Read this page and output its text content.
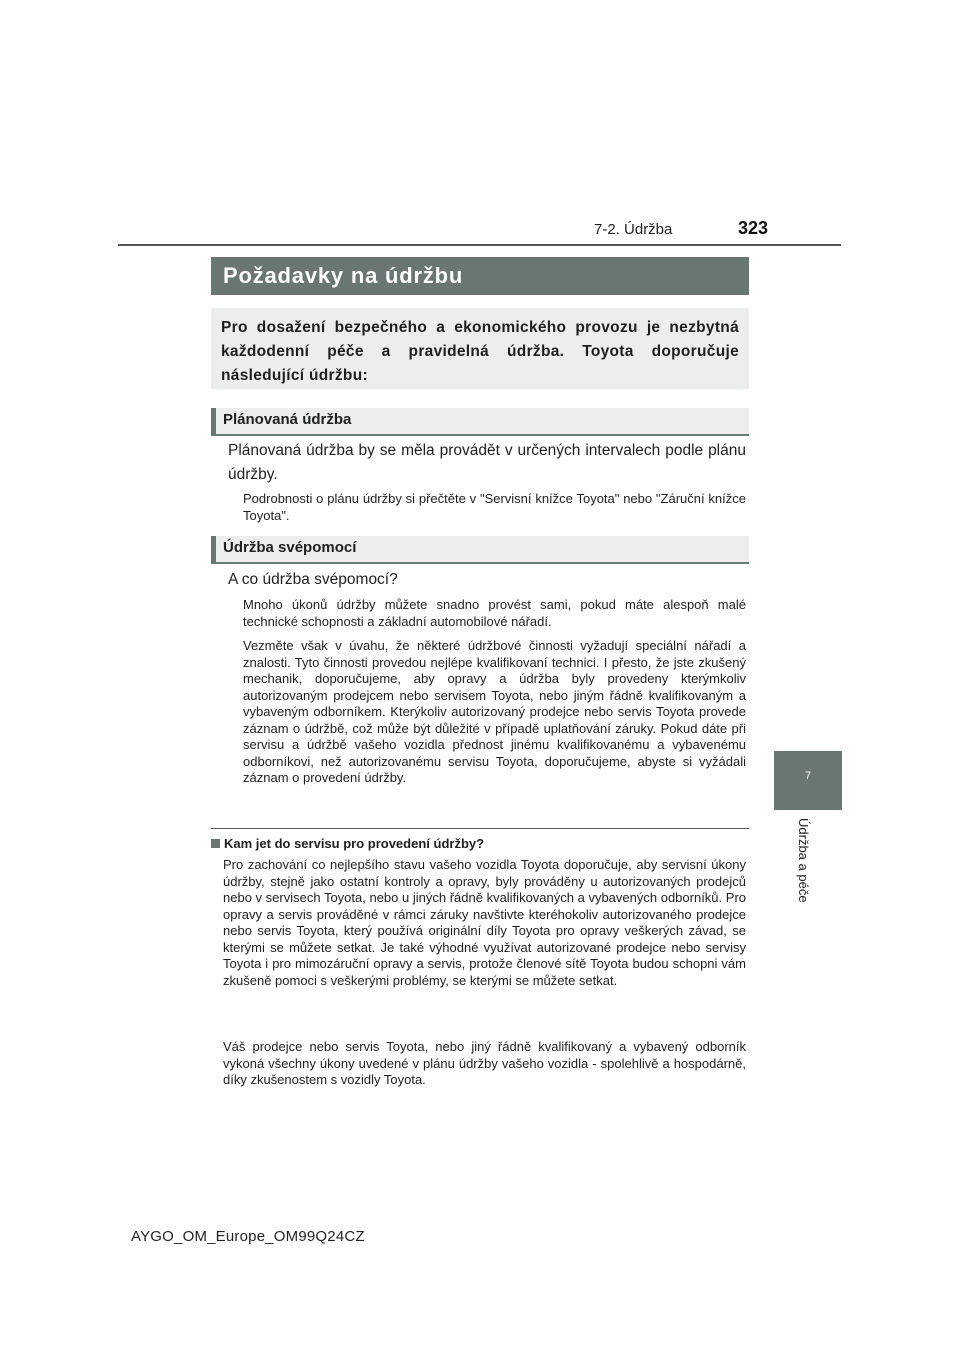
7-2. Údržba	323
7
Údržba a péče
Požadavky na údržbu
Pro dosažení bezpečného a ekonomického provozu je nezbytná každodenní péče a pravidelná údržba. Toyota doporučuje následující údržbu:
Plánovaná údržba
Plánovaná údržba by se měla provádět v určených intervalech podle plánu údržby.
Podrobnosti o plánu údržby si přečtěte v "Servisní knížce Toyota" nebo "Záruční knížce Toyota".
Údržba svépomocí
A co údržba svépomocí?
Mnoho úkonů údržby můžete snadno provést sami, pokud máte alespoň malé technické schopnosti a základní automobilové nářadí.
Vezměte však v úvahu, že některé údržbové činnosti vyžadují speciální nářadí a znalosti. Tyto činnosti provedou nejlépe kvalifikovaní technici. I přesto, že jste zkušený mechanik, doporučujeme, aby opravy a údržba byly provedeny kterýmkoliv autorizovaným prodejcem nebo servisem Toyota, nebo jiným řádně kvalifikovaným a vybaveným odborníkem. Kterýkoliv autorizovaný prodejce nebo servis Toyota provede záznam o údržbě, což může být důležité v případě uplatňování záruky. Pokud dáte při servisu a údržbě vašeho vozidla přednost jinému kvalifikovanému a vybavenému odborníkovi, než autorizovanému servisu Toyota, doporučujeme, abyste si vyžádali záznam o provedení údržby.
Kam jet do servisu pro provedení údržby?
Pro zachování co nejlepšího stavu vašeho vozidla Toyota doporučuje, aby servisní úkony údržby, stejně jako ostatní kontroly a opravy, byly prováděny u autorizovaných prodejců nebo v servisech Toyota, nebo u jiných řádně kvalifikovaných a vybavených odborníků. Pro opravy a servis prováděné v rámci záruky navštivte kteréhokoliv autorizovaného prodejce nebo servis Toyota, který používá originální díly Toyota pro opravy veškerých závad, se kterými se můžete setkat. Je také výhodné využívat autorizované prodejce nebo servisy Toyota i pro mimozáruční opravy a servis, protože členové sítě Toyota budou schopni vám zkušeně pomoci s veškerými problémy, se kterými se můžete setkat.
Váš prodejce nebo servis Toyota, nebo jiný řádně kvalifikovaný a vybavený odborník vykoná všechny úkony uvedené v plánu údržby vašeho vozidla - spolehlivě a hospodárně, díky zkušenostem s vozidly Toyota.
AYGO_OM_Europe_OM99Q24CZ
